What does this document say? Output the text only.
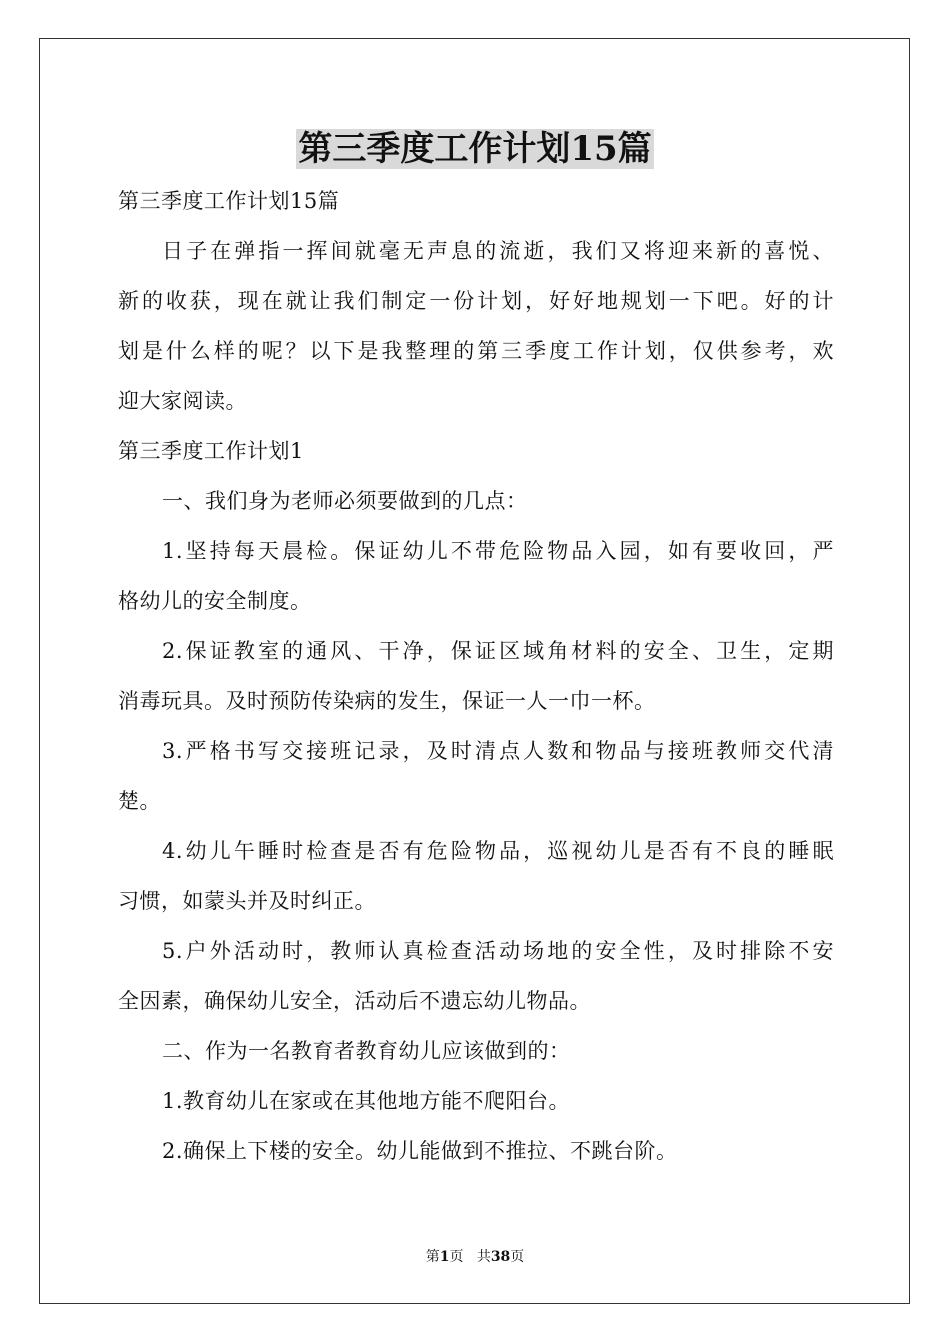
第三季度工作计划15篇
第三季度工作计划15篇
日子在弹指一挥间就毫无声息的流逝，我们又将迎来新的喜悦、
新的收获，现在就让我们制定一份计划，好好地规划一下吧。好的计
划是什么样的呢？以下是我整理的第三季度工作计划，仅供参考，欢
迎大家阅读。
第三季度工作计划1
一、我们身为老师必须要做到的几点：
1.坚持每天晨检。保证幼儿不带危险物品入园，如有要收回，严
格幼儿的安全制度。
2.保证教室的通风、干净，保证区域角材料的安全、卫生，定期
消毒玩具。及时预防传染病的发生，保证一人一巾一杯。
3.严格书写交接班记录，及时清点人数和物品与接班教师交代清
楚。
4.幼儿午睡时检查是否有危险物品，巡视幼儿是否有不良的睡眠
习惯，如蒙头并及时纠正。
5.户外活动时，教师认真检查活动场地的安全性，及时排除不安
全因素，确保幼儿安全，活动后不遗忘幼儿物品。
二、作为一名教育者教育幼儿应该做到的：
1.教育幼儿在家或在其他地方能不爬阳台。
2.确保上下楼的安全。幼儿能做到不推拉、不跳台阶。
第1页 共38页
